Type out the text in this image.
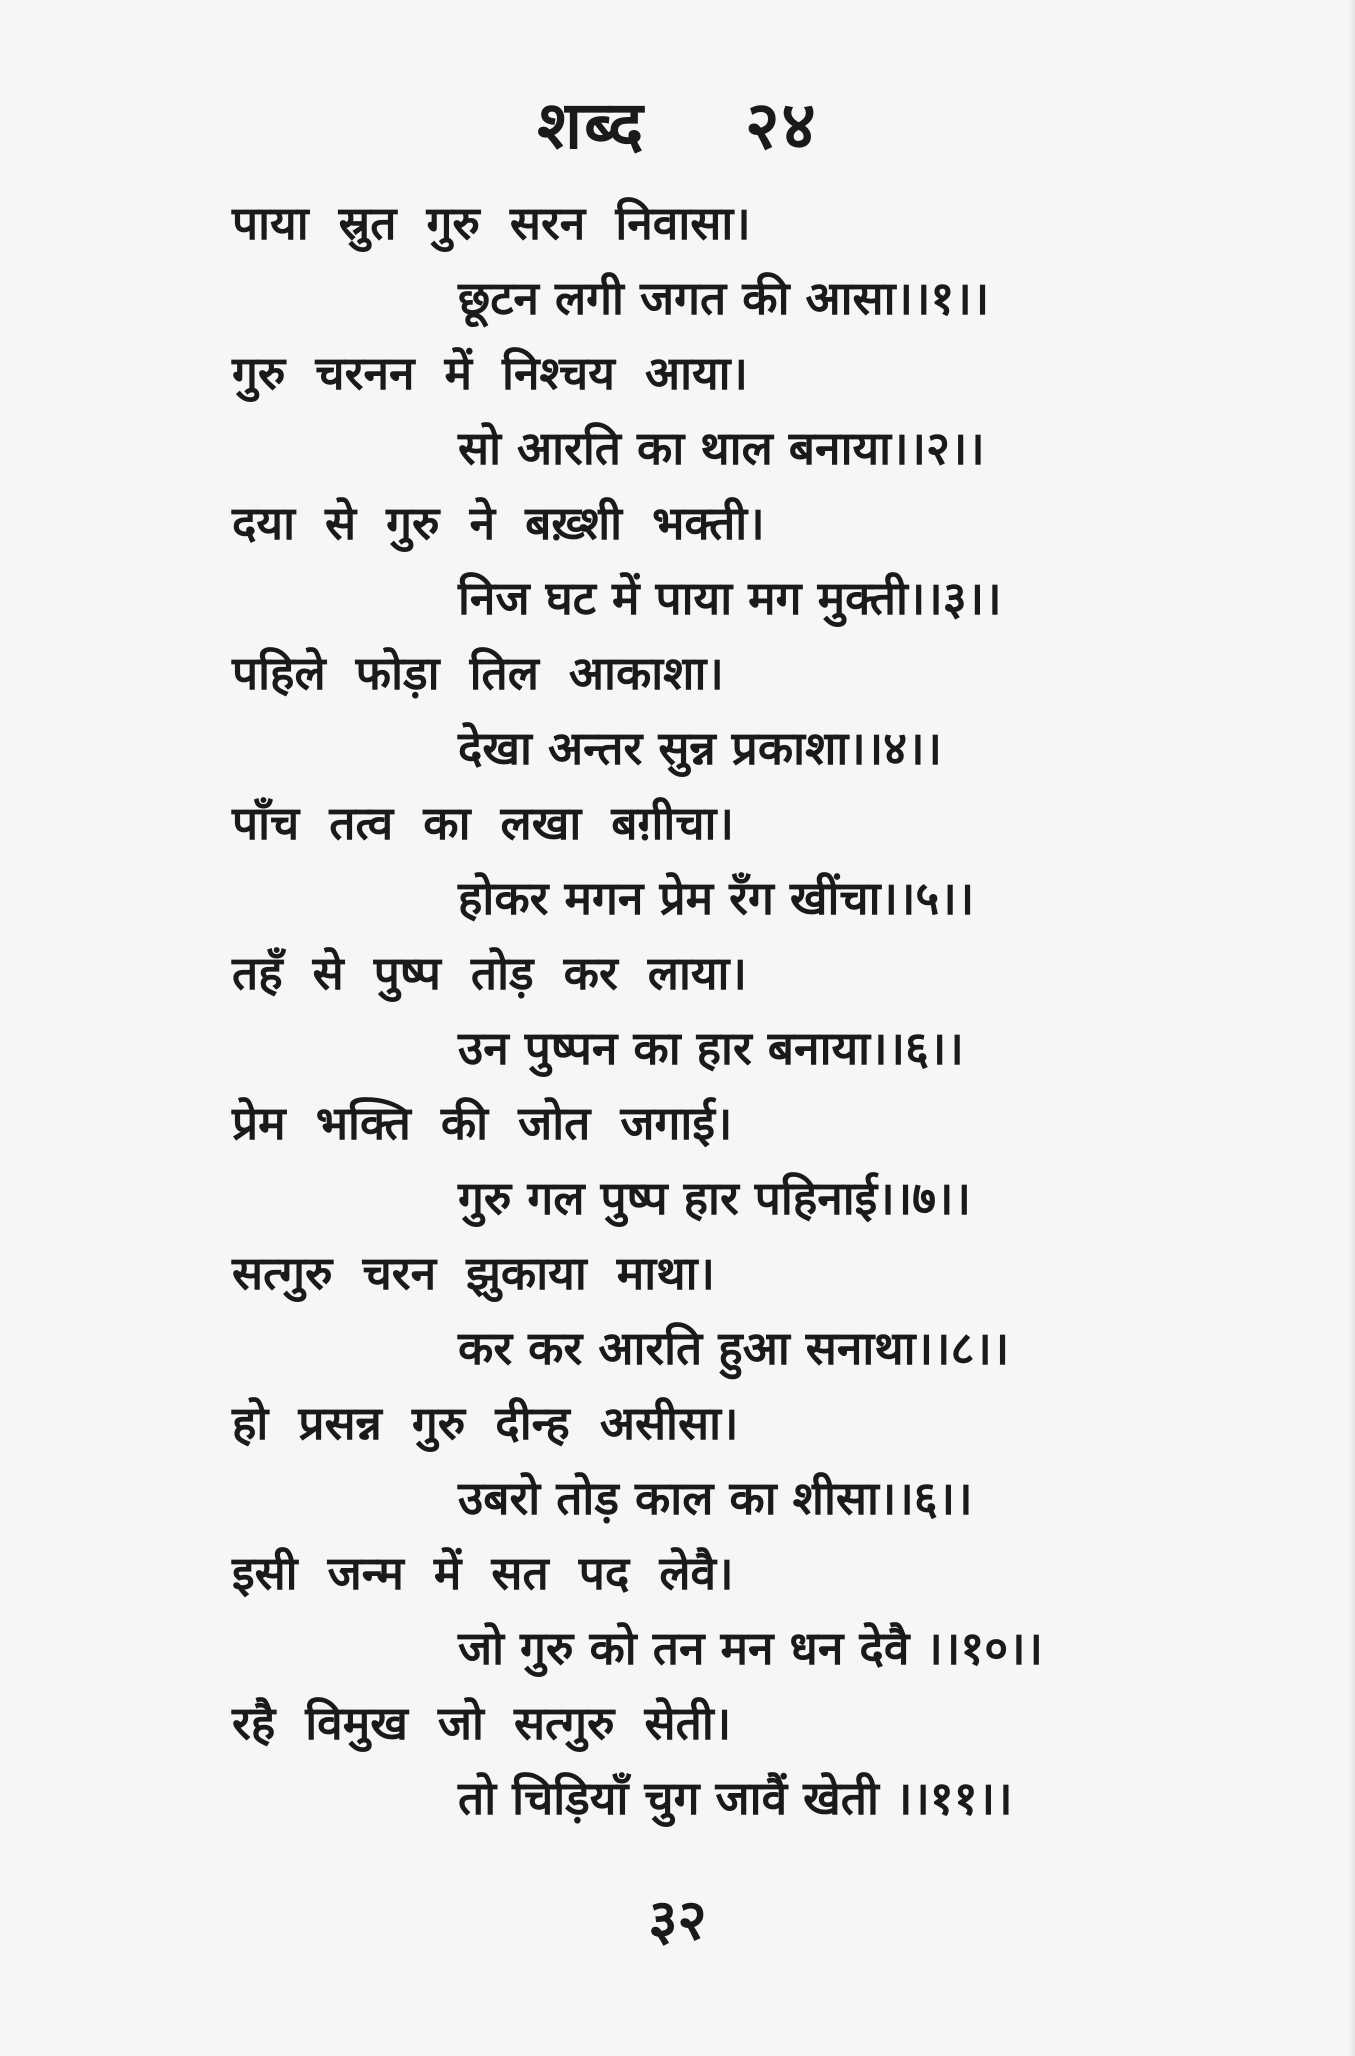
शब्द    २४
पाया स्रुत गुरु सरन निवासा।
छूटन लगी जगत की आसा।।१।।
गुरु चरनन में निश्चय आया।
सो आरति का थाल बनाया।।२।।
दया से गुरु ने बख़्शी भक्ती।
निज घट में पाया मग मुक्ती।।३।।
पहिले फोड़ा तिल आकाशा।
देखा अन्तर सुन्न प्रकाशा।।४।।
पाँच तत्व का लखा बग़ीचा।
होकर मगन प्रेम रँग खींचा।।५।।
तहँ से पुष्प तोड़ कर लाया।
उन पुष्पन का हार बनाया।।६।।
प्रेम भक्ति की जोत जगाई।
गुरु गल पुष्प हार पहिनाई।।७।।
सत्गुरु चरन झुकाया माथा।
कर कर आरति हुआ सनाथा।।८।।
हो प्रसन्न गुरु दीन्ह असीसा।
उबरो तोड़ काल का शीसा।।६।।
इसी जन्म में सत पद लेवै।
जो गुरु को तन मन धन देवै ।।१०।।
रहै विमुख जो सत्गुरु सेती।
तो चिड़ियाँ चुग जावैं खेती ।।११।।
३२
